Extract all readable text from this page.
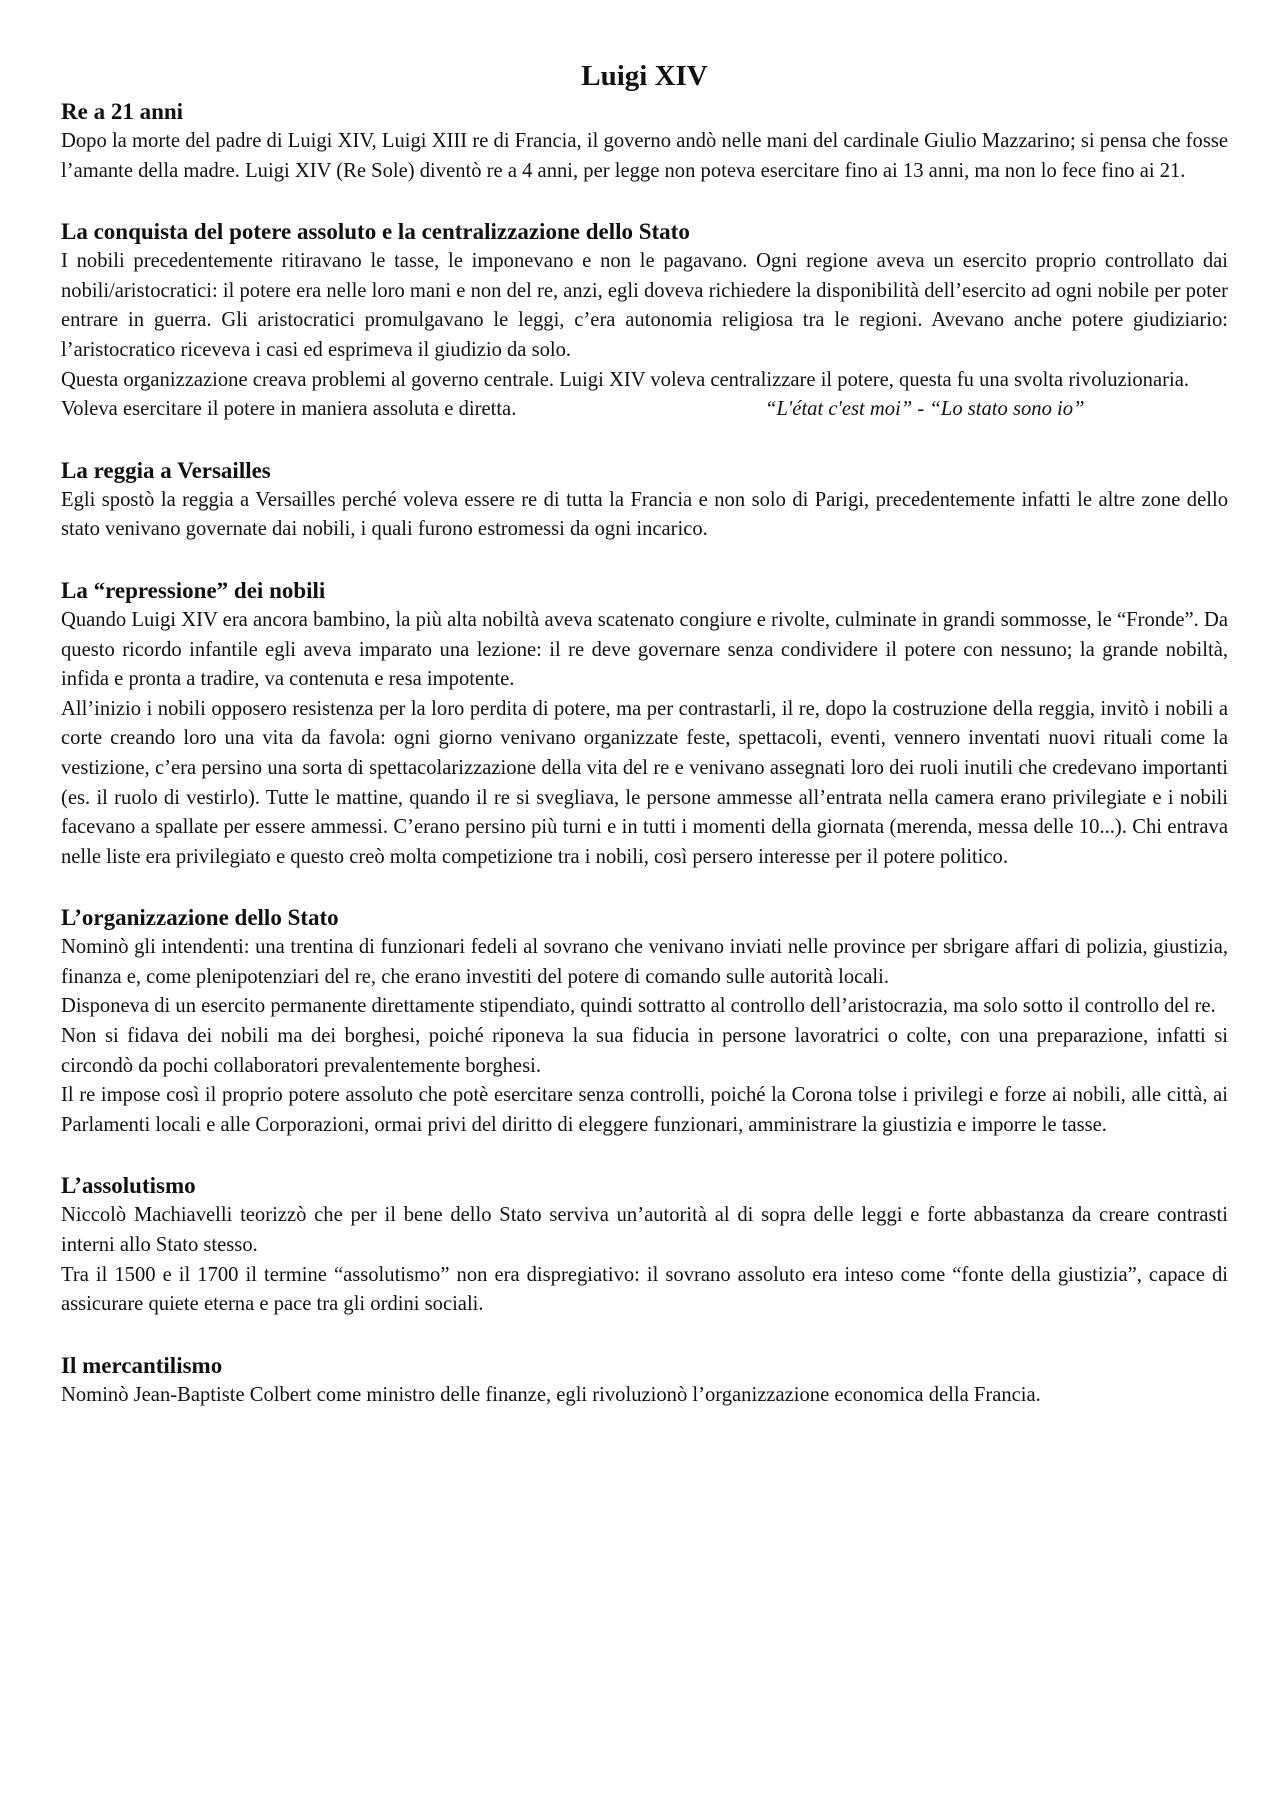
Luigi XIV
Re a 21 anni

Dopo la morte del padre di Luigi XIV, Luigi XIII re di Francia, il governo andò nelle mani del cardinale Giulio Mazzarino; si pensa che fosse l’amante della madre. Luigi XIV (Re Sole) diventò re a 4 anni, per legge non poteva esercitare fino ai 13 anni, ma non lo fece fino ai 21.

La conquista del potere assoluto e la centralizzazione dello Stato

I nobili precedentemente ritiravano le tasse, le imponevano e non le pagavano. Ogni regione aveva un esercito proprio controllato dai nobili/aristocratici: il potere era nelle loro mani e non del re, anzi, egli doveva richiedere la disponibilità dell’esercito ad ogni nobile per poter entrare in guerra. Gli aristocratici promulgavano le leggi, c’era autonomia religiosa tra le regioni. Avevano anche potere giudiziario: l’aristocratico riceveva i casi ed esprimeva il giudizio da solo.

Questa organizzazione creava problemi al governo centrale. Luigi XIV voleva centralizzare il potere, questa fu una svolta rivoluzionaria.

Voleva esercitare il potere in maniera assoluta e diretta.	“L'état c'est moi” - “Lo stato sono io”

La reggia a Versailles

Egli spostò la reggia a Versailles perché voleva essere re di tutta la Francia e non solo di Parigi, precedentemente infatti le altre zone dello stato venivano governate dai nobili, i quali furono estromessi da ogni incarico.

La “repressione” dei nobili

Quando Luigi XIV era ancora bambino, la più alta nobiltà aveva scatenato congiure e rivolte, culminate in grandi sommosse, le “Fronde”. Da questo ricordo infantile egli aveva imparato una lezione: il re deve governare senza condividere il potere con nessuno; la grande nobiltà, infida e pronta a tradire, va contenuta e resa impotente.

All’inizio i nobili opposero resistenza per la loro perdita di potere, ma per contrastarli, il re, dopo la costruzione della reggia, invitò i nobili a corte creando loro una vita da favola: ogni giorno venivano organizzate feste, spettacoli, eventi, vennero inventati nuovi rituali come la vestizione, c’era persino una sorta di spettacolarizzazione della vita del re e venivano assegnati loro dei ruoli inutili che credevano importanti (es. il ruolo di vestirlo). Tutte le mattine, quando il re si svegliava, le persone ammesse all’entrata nella camera erano privilegiate e i nobili facevano a spallate per essere ammessi. C’erano persino più turni e in tutti i momenti della giornata (merenda, messa delle 10...). Chi entrava nelle liste era privilegiato e questo creò molta competizione tra i nobili, così persero interesse per il potere politico.

L’organizzazione dello Stato

Nominò gli intendenti: una trentina di funzionari fedeli al sovrano che venivano inviati nelle province per sbrigare affari di polizia, giustizia, finanza e, come plenipotenziari del re, che erano investiti del potere di comando sulle autorità locali.

Disponeva di un esercito permanente direttamente stipendiato, quindi sottratto al controllo dell’aristocrazia, ma solo sotto il controllo del re.

Non si fidava dei nobili ma dei borghesi, poiché riponeva la sua fiducia in persone lavoratrici o colte, con una preparazione, infatti si circondò da pochi collaboratori prevalentemente borghesi.

Il re impose così il proprio potere assoluto che potè esercitare senza controlli, poiché la Corona tolse i privilegi e forze ai nobili, alle città, ai Parlamenti locali e alle Corporazioni, ormai privi del diritto di eleggere funzionari, amministrare la giustizia e imporre le tasse.

L’assolutismo

Niccolò Machiavelli teorizzò che per il bene dello Stato serviva un’autorità al di sopra delle leggi e forte abbastanza da creare contrasti interni allo Stato stesso.

Tra il 1500 e il 1700 il termine “assolutismo” non era dispregiativo: il sovrano assoluto era inteso come “fonte della giustizia”, capace di assicurare quiete eterna e pace tra gli ordini sociali.

Il mercantilismo

Nominò Jean-Baptiste Colbert come ministro delle finanze, egli rivoluzionò l’organizzazione economica della Francia.
